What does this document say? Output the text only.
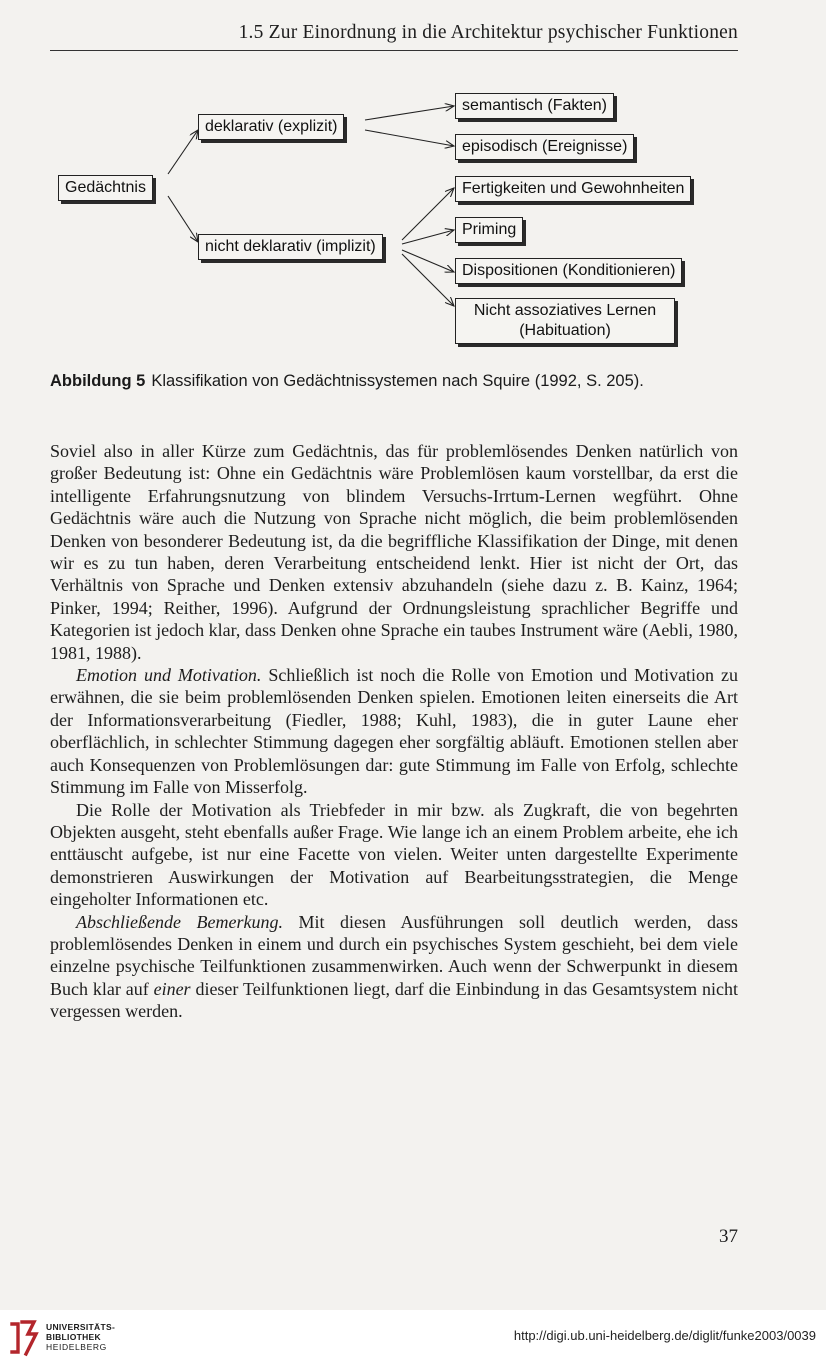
1.5 Zur Einordnung in die Architektur psychischer Funktionen
Gedächtnis
deklarativ (explizit)
nicht deklarativ (implizit)
semantisch (Fakten)
episodisch (Ereignisse)
Fertigkeiten und Gewohnheiten
Priming
Dispositionen (Konditionieren)
Nicht assoziatives Lernen
(Habituation)
Abbildung 5 Klassifikation von Gedächtnissystemen nach Squire (1992, S. 205).

Soviel also in aller Kürze zum Gedächtnis, das für problemlösendes Denken natürlich von großer Bedeutung ist: Ohne ein Gedächtnis wäre Problemlösen kaum vorstellbar, da erst die intelligente Erfahrungsnutzung von blindem Versuchs-Irrtum-Lernen wegführt. Ohne Gedächtnis wäre auch die Nutzung von Sprache nicht möglich, die beim problemlösenden Denken von besonderer Bedeutung ist, da die begriffliche Klassifikation der Dinge, mit denen wir es zu tun haben, deren Verarbeitung entscheidend lenkt. Hier ist nicht der Ort, das Verhältnis von Sprache und Denken extensiv abzuhandeln (siehe dazu z. B. Kainz, 1964; Pinker, 1994; Reither, 1996). Aufgrund der Ordnungsleistung sprachlicher Begriffe und Kategorien ist jedoch klar, dass Denken ohne Sprache ein taubes Instrument wäre (Aebli, 1980, 1981, 1988).

Emotion und Motivation. Schließlich ist noch die Rolle von Emotion und Motivation zu erwähnen, die sie beim problemlösenden Denken spielen. Emotionen leiten einerseits die Art der Informationsverarbeitung (Fiedler, 1988; Kuhl, 1983), die in guter Laune eher oberflächlich, in schlechter Stimmung dagegen eher sorgfältig abläuft. Emotionen stellen aber auch Konsequenzen von Problemlösungen dar: gute Stimmung im Falle von Erfolg, schlechte Stimmung im Falle von Misserfolg.

Die Rolle der Motivation als Triebfeder in mir bzw. als Zugkraft, die von begehrten Objekten ausgeht, steht ebenfalls außer Frage. Wie lange ich an einem Problem arbeite, ehe ich enttäuscht aufgebe, ist nur eine Facette von vielen. Weiter unten dargestellte Experimente demonstrieren Auswirkungen der Motivation auf Bearbeitungsstrategien, die Menge eingeholter Informationen etc.

Abschließende Bemerkung. Mit diesen Ausführungen soll deutlich werden, dass problemlösendes Denken in einem und durch ein psychisches System geschieht, bei dem viele einzelne psychische Teilfunktionen zusammenwirken. Auch wenn der Schwerpunkt in diesem Buch klar auf einer dieser Teilfunktionen liegt, darf die Einbindung in das Gesamtsystem nicht vergessen werden.

37
UNIVERSITÄTS-
BIBLIOTHEK
HEIDELBERG
http://digi.ub.uni-heidelberg.de/diglit/funke2003/0039
